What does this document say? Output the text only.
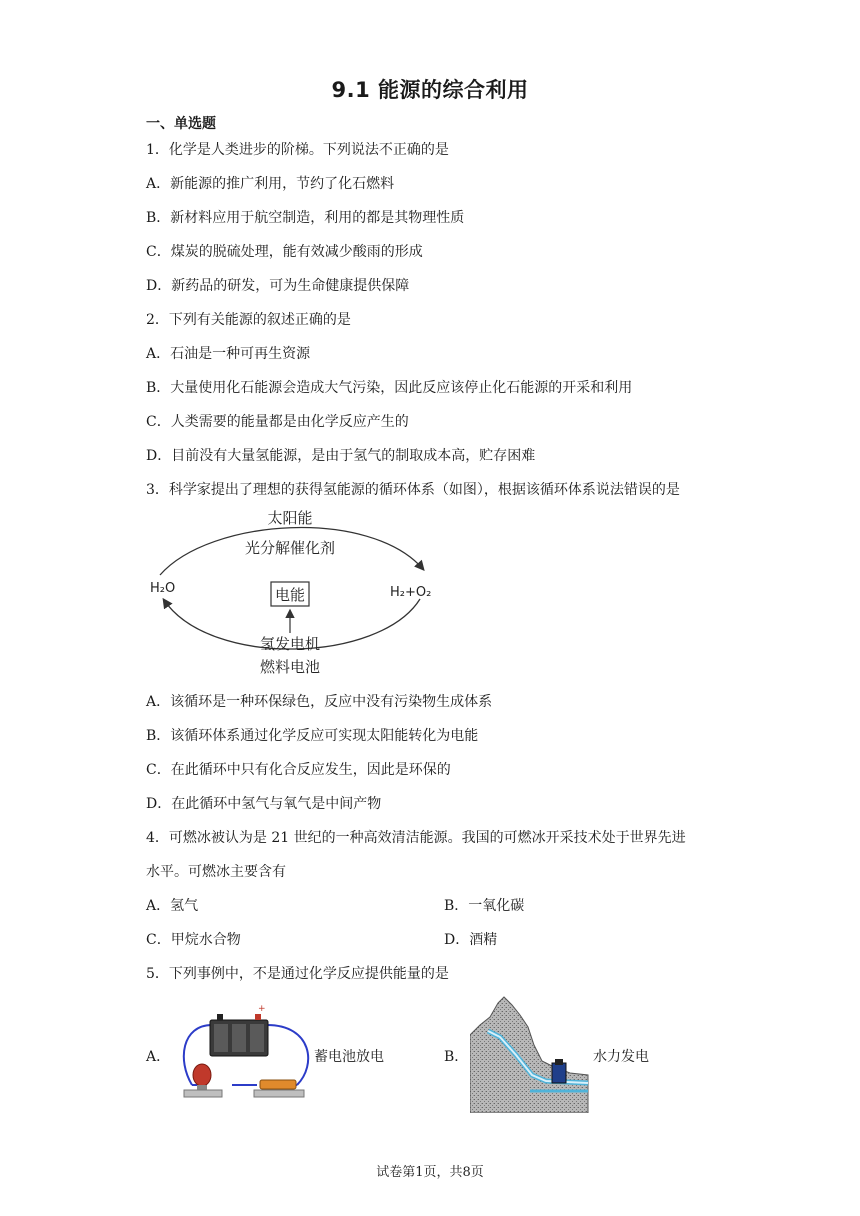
9.1 能源的综合利用
一、单选题
1．化学是人类进步的阶梯。下列说法不正确的是
A．新能源的推广利用，节约了化石燃料
B．新材料应用于航空制造，利用的都是其物理性质
C．煤炭的脱硫处理，能有效减少酸雨的形成
D．新药品的研发，可为生命健康提供保障
2．下列有关能源的叙述正确的是
A．石油是一种可再生资源
B．大量使用化石能源会造成大气污染，因此反应该停止化石能源的开采和利用
C．人类需要的能量都是由化学反应产生的
D．目前没有大量氢能源，是由于氢气的制取成本高，贮存困难
3．科学家提出了理想的获得氢能源的循环体系（如图），根据该循环体系说法错误的是
太阳能
光分解催化剂
H₂O	H₂+O₂
电能
氢发电机
燃料电池
A．该循环是一种环保绿色，反应中没有污染物生成体系
B．该循环体系通过化学反应可实现太阳能转化为电能
C．在此循环中只有化合反应发生，因此是环保的
D．在此循环中氢气与氧气是中间产物
4．可燃冰被认为是 21 世纪的一种高效清洁能源。我国的可燃冰开采技术处于世界先进
水平。可燃冰主要含有
A．氢气	B．一氧化碳
C．甲烷水合物	D．酒精
5．下列事例中，不是通过化学反应提供能量的是
A．
+
蓄电池放电	B．	水力发电
试卷第1页，共8页
